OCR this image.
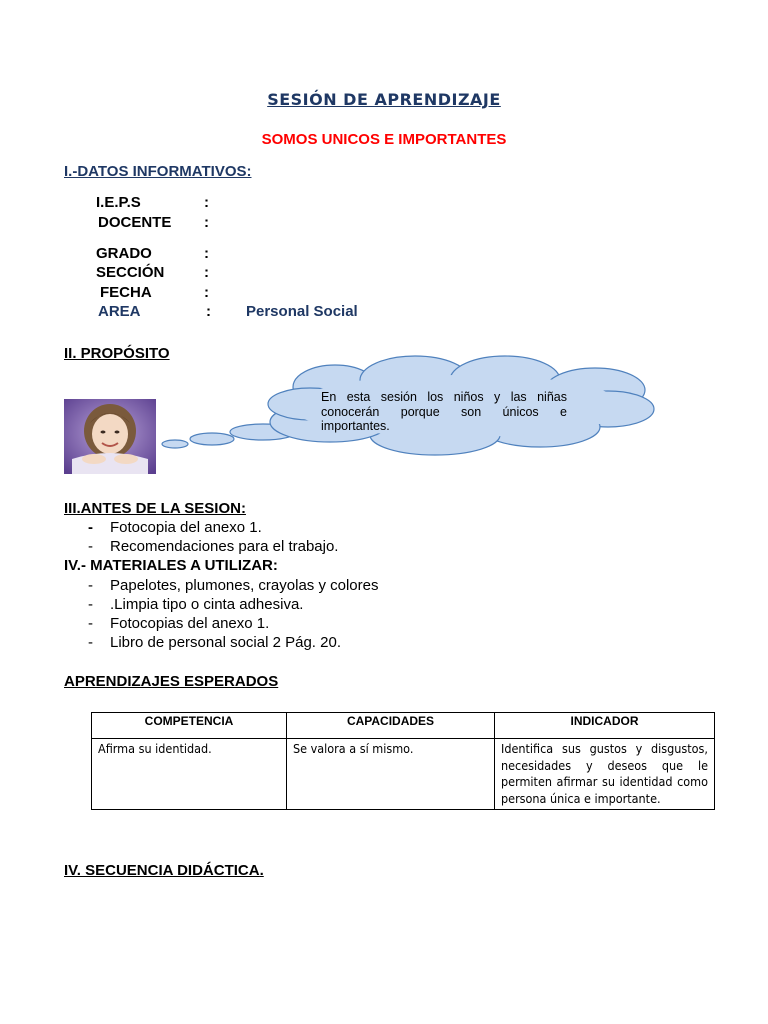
SESIÓN DE APRENDIZAJE
SOMOS UNICOS E IMPORTANTES
I.-DATOS INFORMATIVOS:
I.E.P.S	:
DOCENTE :
GRADO	:
SECCIÓN	:
FECHA	:
AREA	: Personal Social
II. PROPÓSITO
En esta sesión los niños y las niñas conocerán porque son únicos e importantes.
III.ANTES DE LA SESION:
- Fotocopia del anexo 1.
- Recomendaciones para el trabajo.
IV.- MATERIALES A UTILIZAR:
- Papelotes, plumones, crayolas y colores
- .Limpia tipo o cinta adhesiva.
- Fotocopias del anexo 1.
- Libro de personal social 2 Pág. 20.
APRENDIZAJES ESPERADOS
COMPETENCIA	CAPACIDADES	INDICADOR
Afirma su identidad.	Se valora a sí mismo.	Identifica sus gustos y disgustos, necesidades y deseos que le permiten afirmar su identidad como persona única e importante.
IV. SECUENCIA DIDÁCTICA.
